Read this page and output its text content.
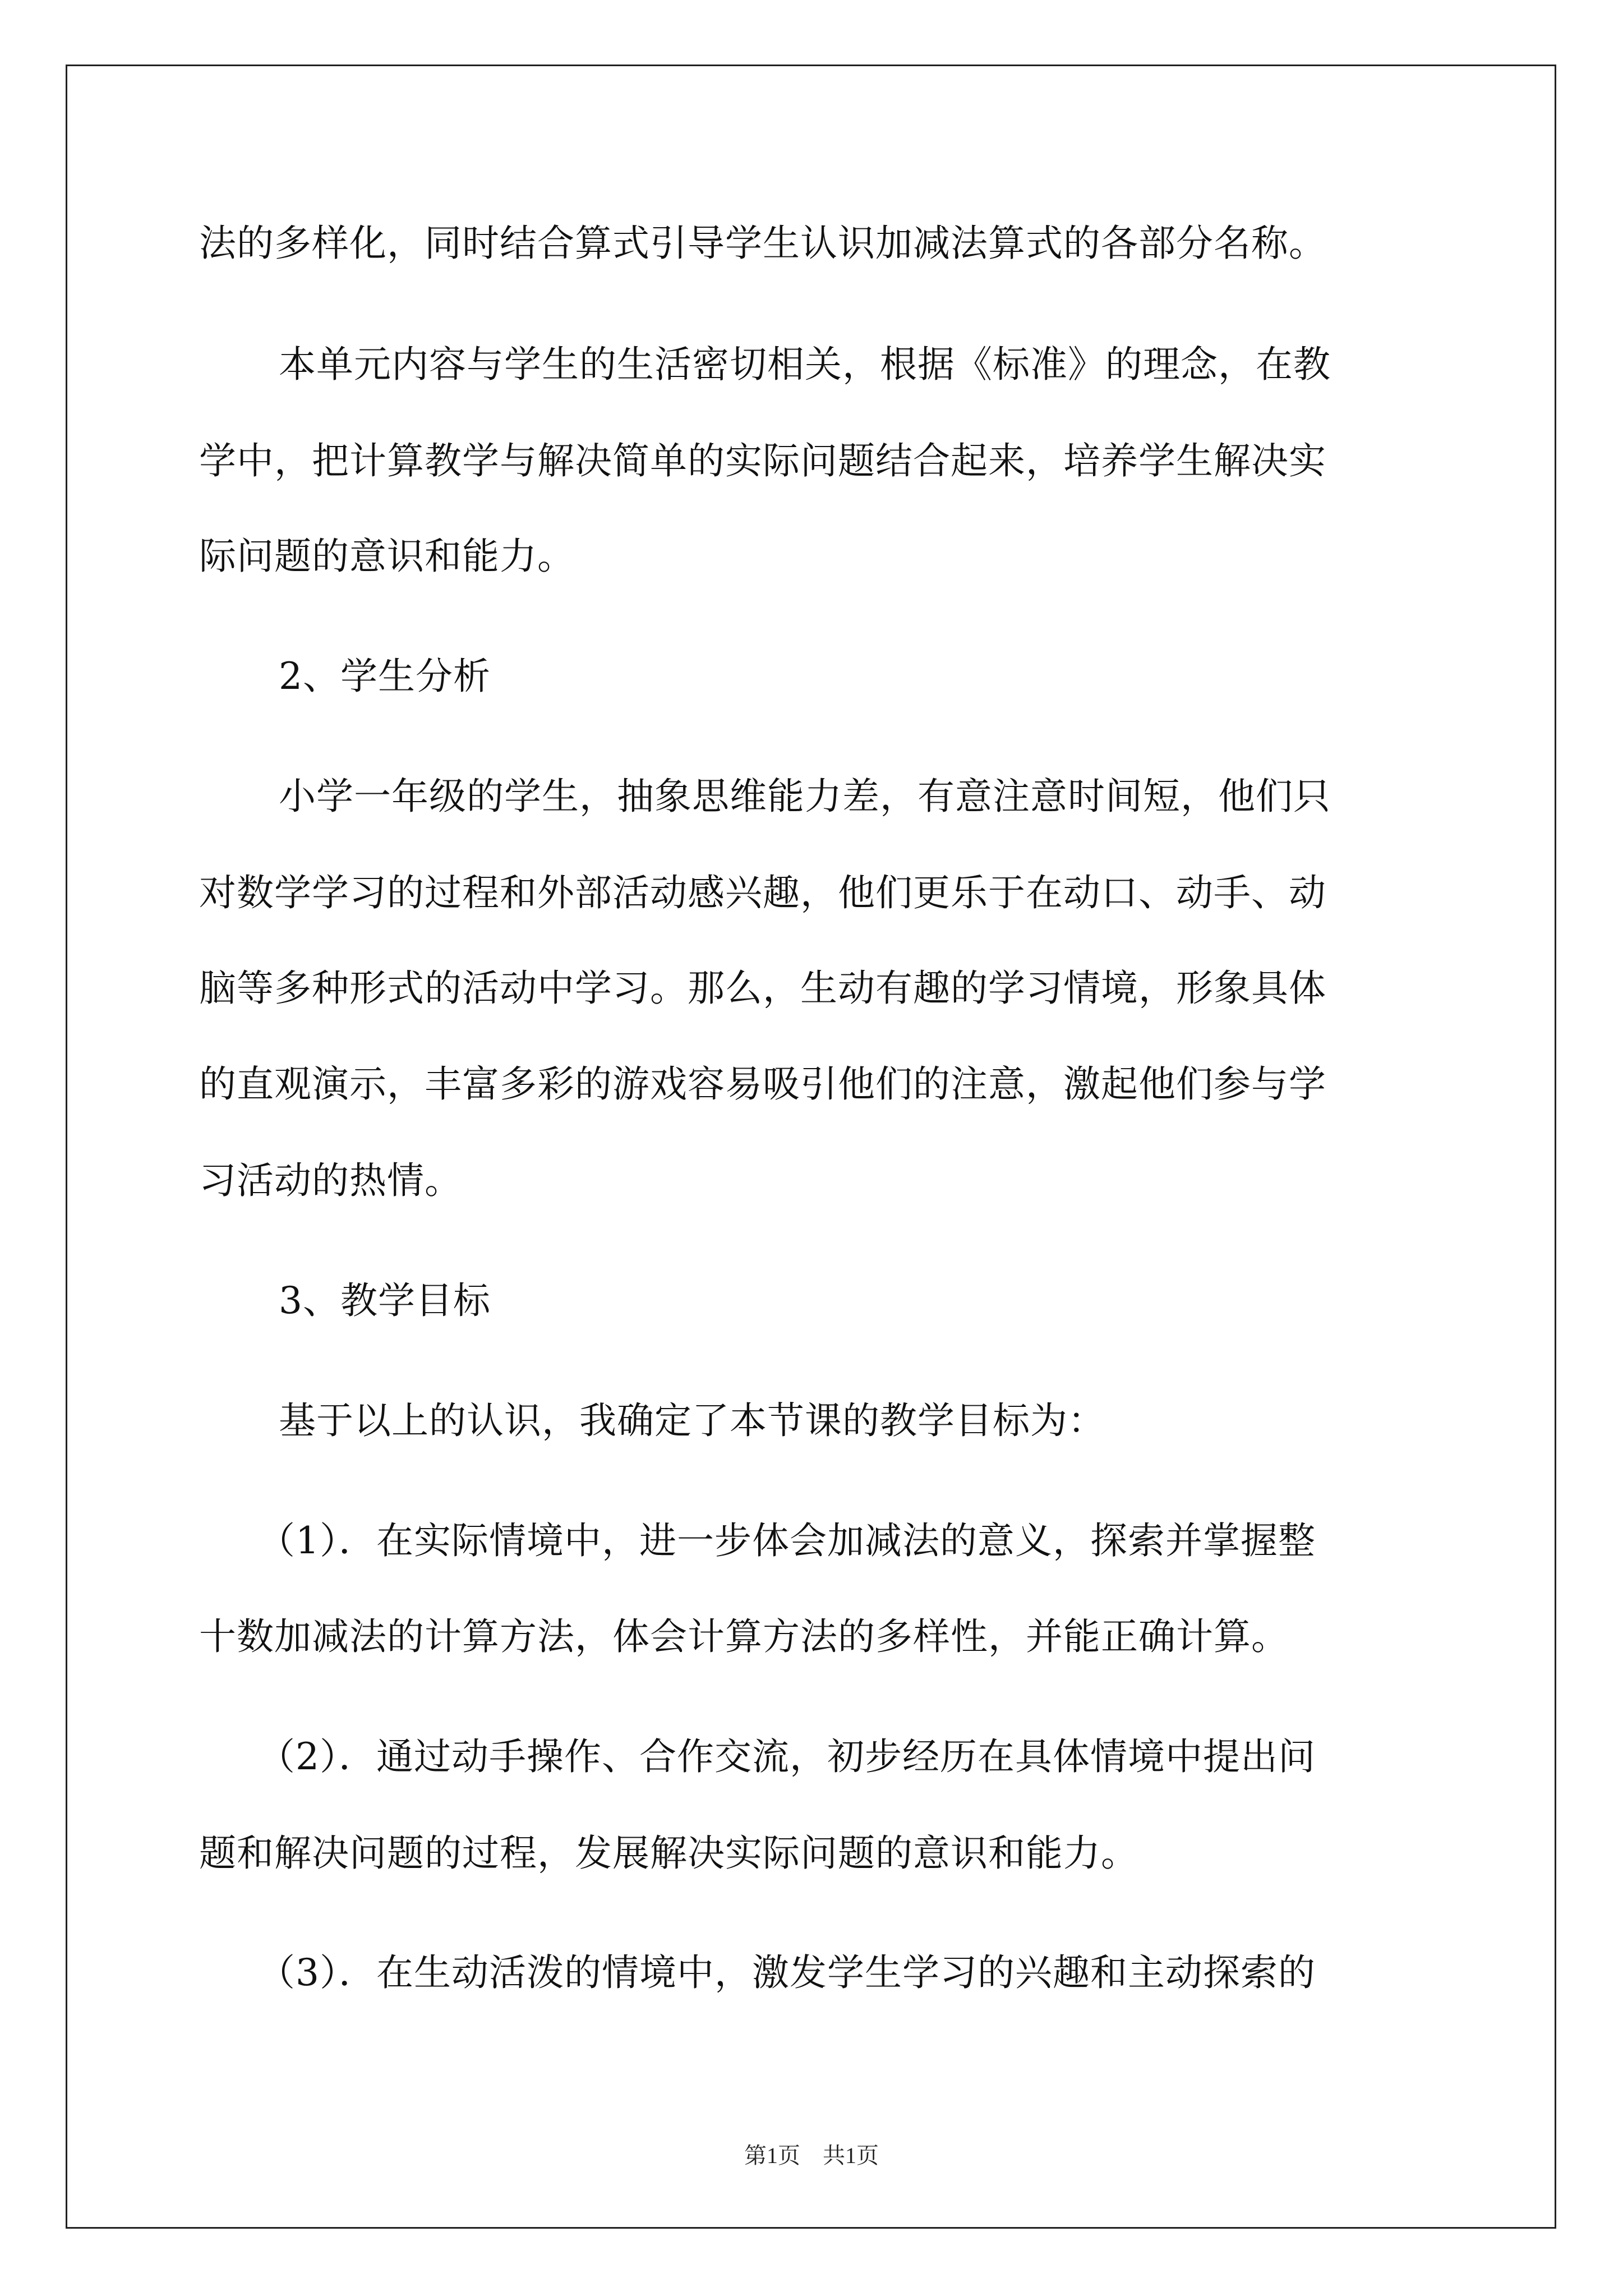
法的多样化，同时结合算式引导学生认识加减法算式的各部分名称。
本单元内容与学生的生活密切相关，根据《标准》的理念，在教
学中，把计算教学与解决简单的实际问题结合起来，培养学生解决实
际问题的意识和能力。
2、学生分析
小学一年级的学生，抽象思维能力差，有意注意时间短，他们只
对数学学习的过程和外部活动感兴趣，他们更乐于在动口、动手、动
脑等多种形式的活动中学习。那么，生动有趣的学习情境，形象具体
的直观演示，丰富多彩的游戏容易吸引他们的注意，激起他们参与学
习活动的热情。
3、教学目标
基于以上的认识，我确定了本节课的教学目标为：
（1）．在实际情境中，进一步体会加减法的意义，探索并掌握整
十数加减法的计算方法，体会计算方法的多样性，并能正确计算。
（2）．通过动手操作、合作交流，初步经历在具体情境中提出问
题和解决问题的过程，发展解决实际问题的意识和能力。
（3）．在生动活泼的情境中，激发学生学习的兴趣和主动探索的
第1页　共1页
